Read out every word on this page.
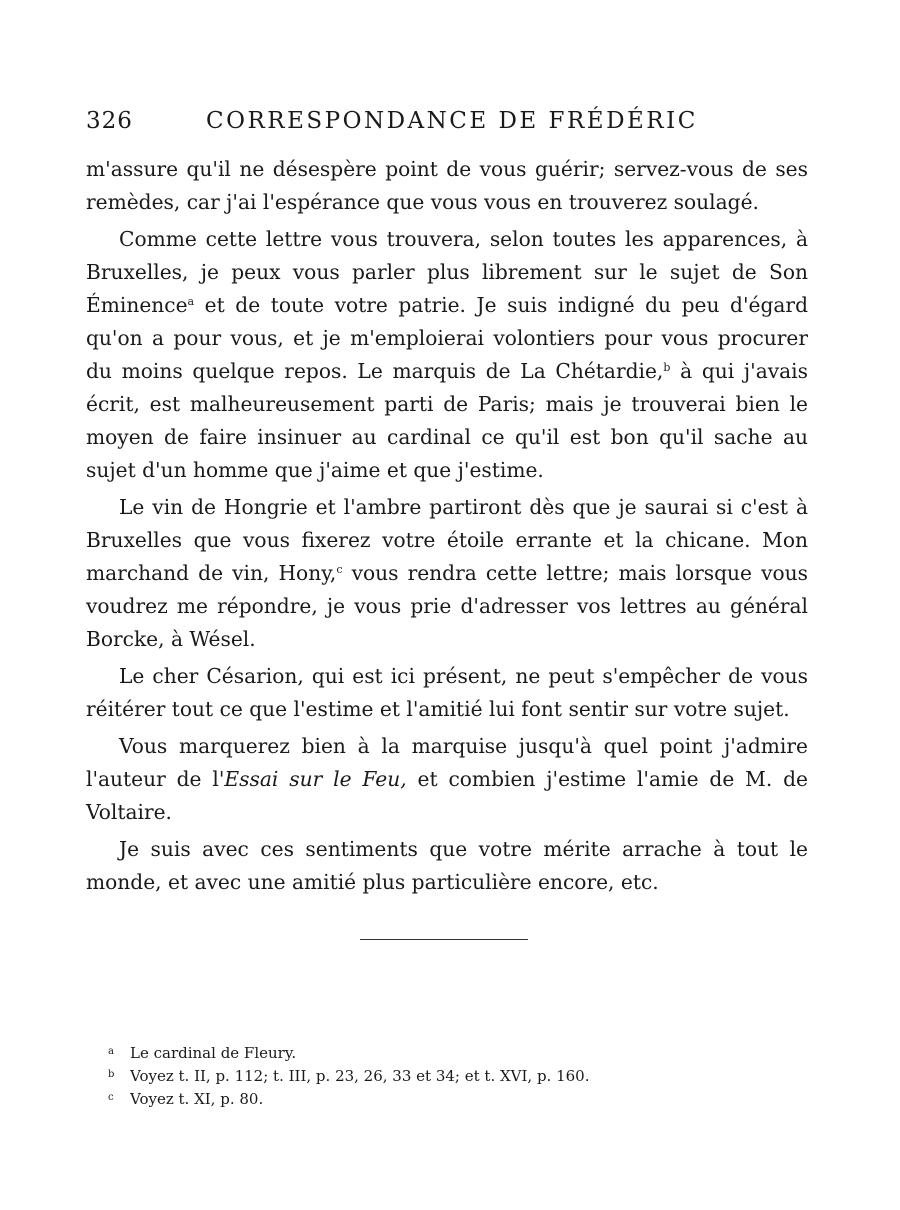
326	CORRESPONDANCE DE FRÉDÉRIC

m'assure qu'il ne désespère point de vous guérir; servez-vous de ses remèdes, car j'ai l'espérance que vous vous en trouverez soulagé.

Comme cette lettre vous trouvera, selon toutes les apparences, à Bruxelles, je peux vous parler plus librement sur le sujet de Son Éminence$^a$ et de toute votre patrie. Je suis indigné du peu d'égard qu'on a pour vous, et je m'emploierai volontiers pour vous procurer du moins quelque repos. Le marquis de La Chétardie,$^b$ à qui j'avais écrit, est malheureusement parti de Paris; mais je trouverai bien le moyen de faire insinuer au cardinal ce qu'il est bon qu'il sache au sujet d'un homme que j'aime et que j'estime.

Le vin de Hongrie et l'ambre partiront dès que je saurai si c'est à Bruxelles que vous fixerez votre étoile errante et la chicane. Mon marchand de vin, Hony,$^c$ vous rendra cette lettre; mais lorsque vous voudrez me répondre, je vous prie d'adresser vos lettres au général Borcke, à Wésel.

Le cher Césarion, qui est ici présent, ne peut s'empêcher de vous réitérer tout ce que l'estime et l'amitié lui font sentir sur votre sujet.

Vous marquerez bien à la marquise jusqu'à quel point j'admire l'auteur de l'Essai sur le Feu, et combien j'estime l'amie de M. de Voltaire.

Je suis avec ces sentiments que votre mérite arrache à tout le monde, et avec une amitié plus particulière encore, etc.

a Le cardinal de Fleury.
b Voyez t. II, p. 112; t. III, p. 23, 26, 33 et 34; et t. XVI, p. 160.
c Voyez t. XI, p. 80.
